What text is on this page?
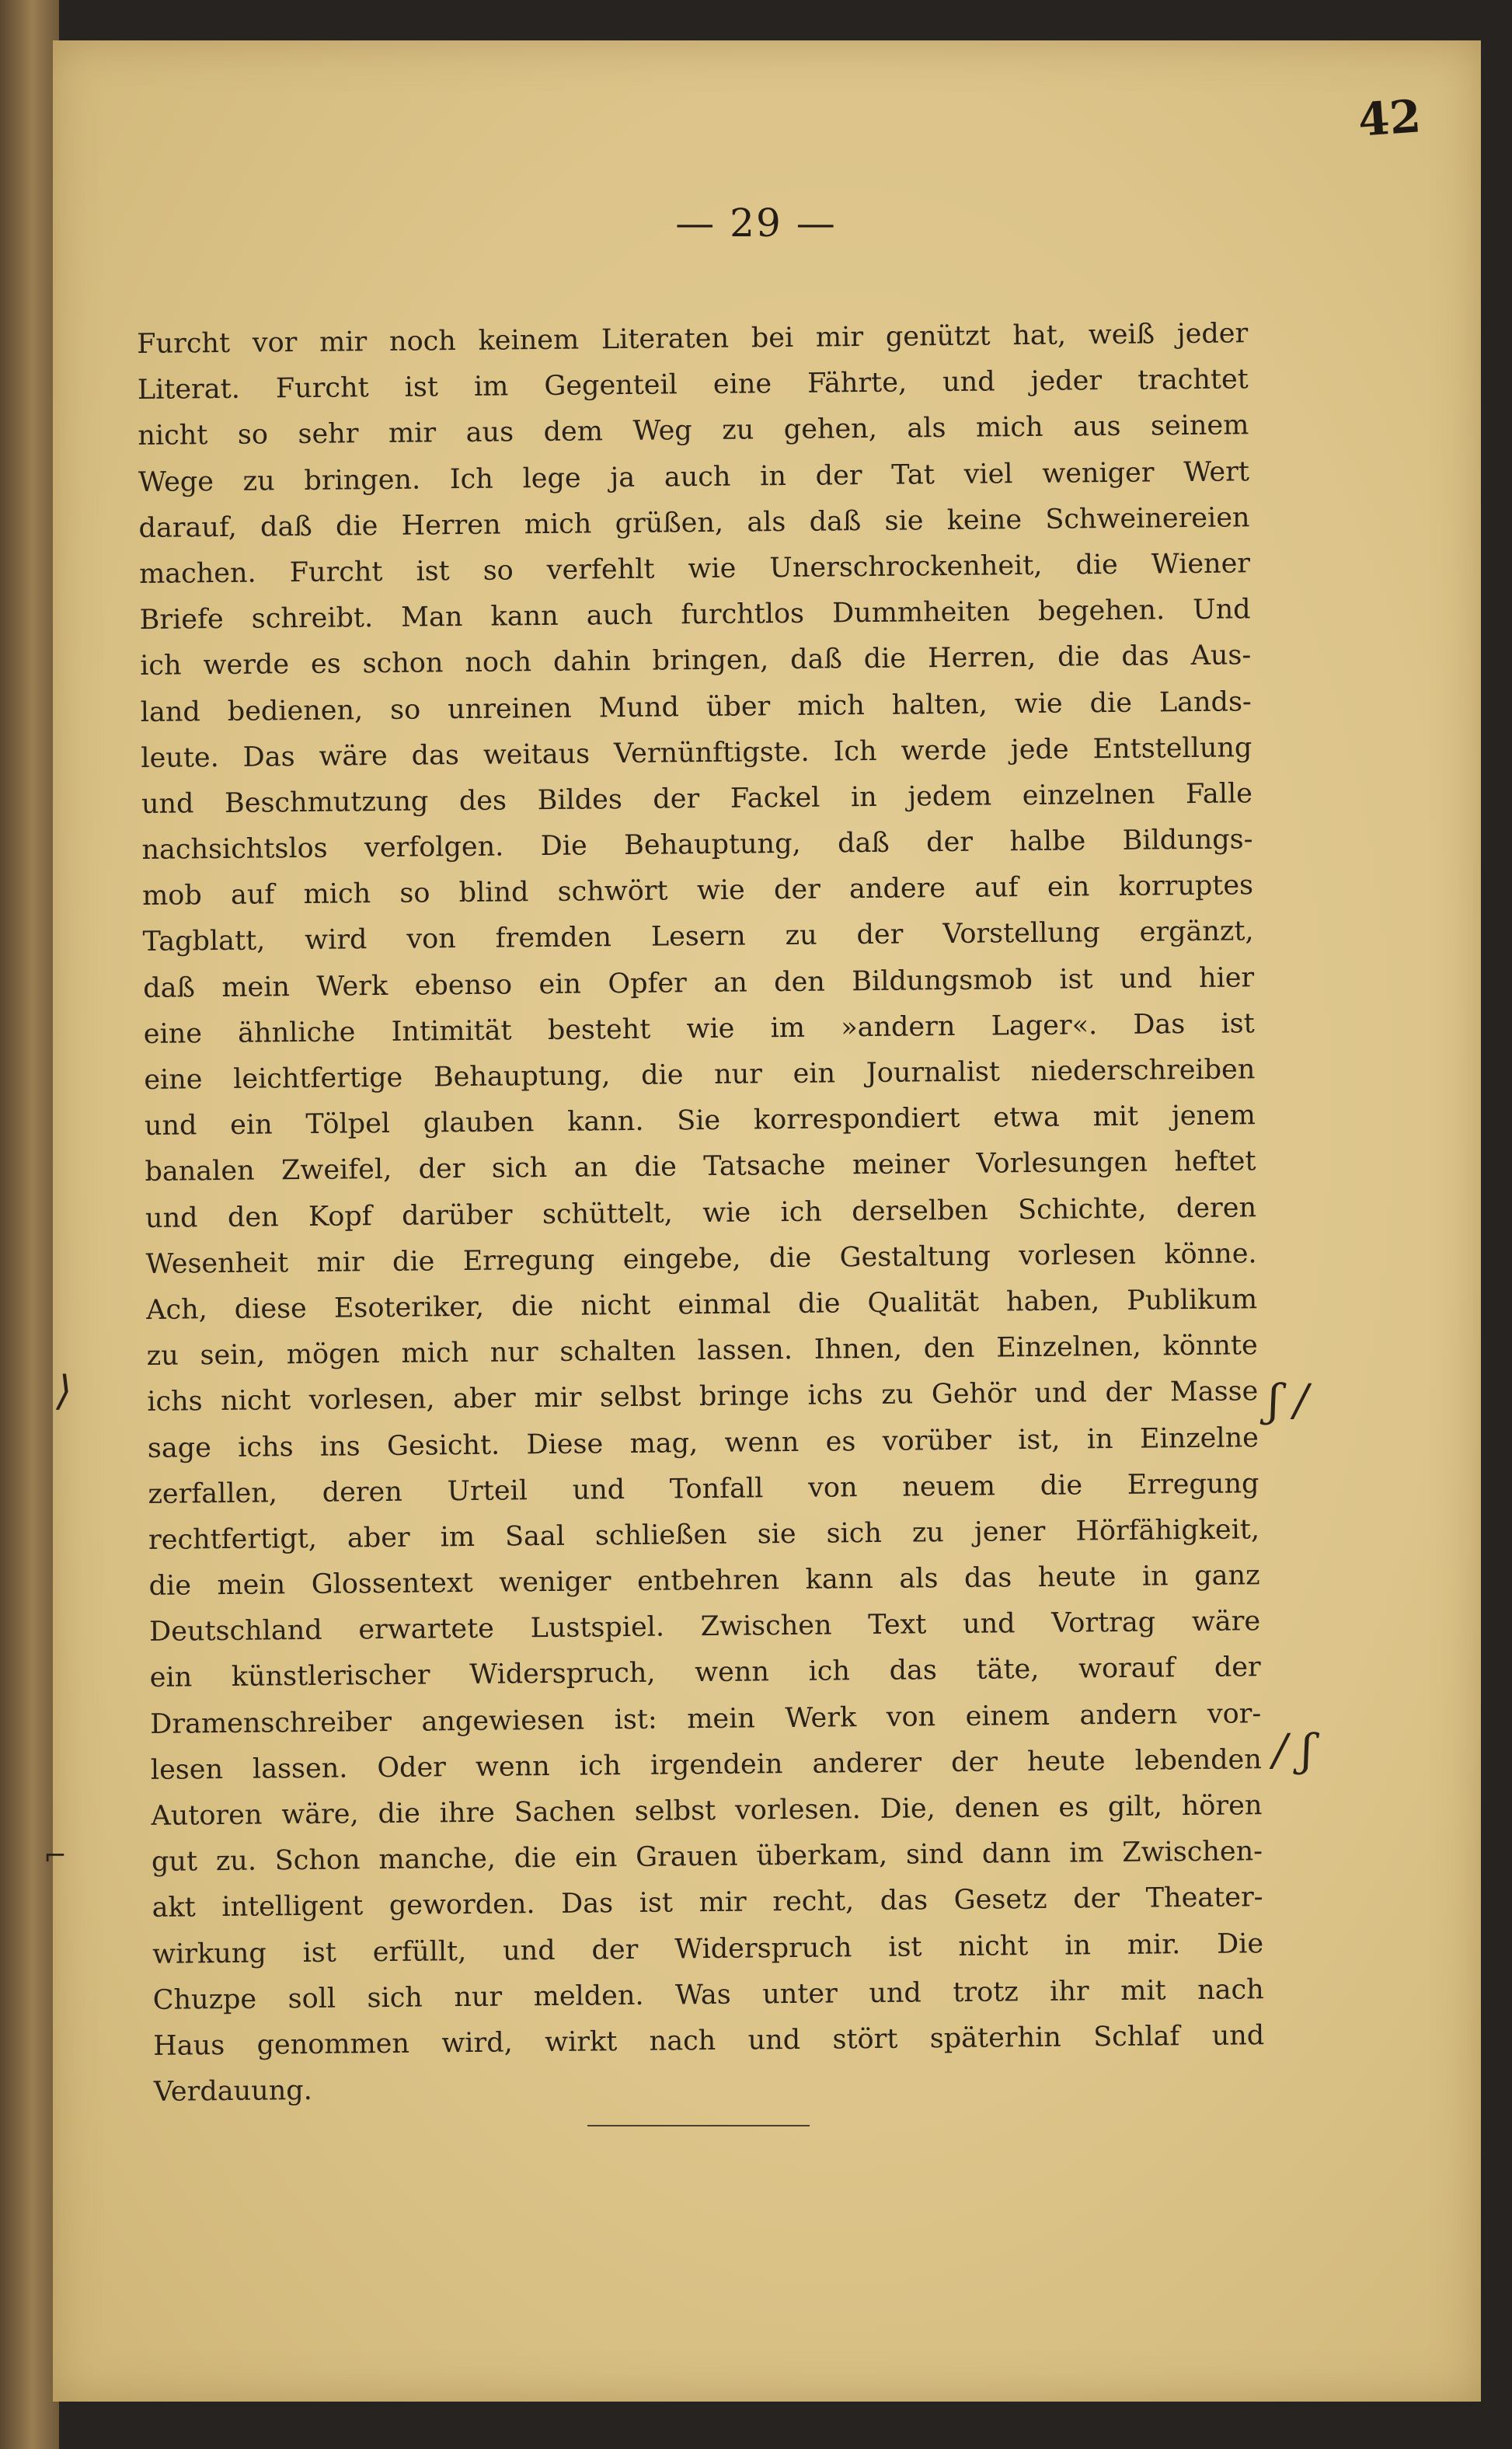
42
— 29 —
Furcht vor mir noch keinem Literaten bei mir genützt hat, weiß jeder
Literat. Furcht ist im Gegenteil eine Fährte, und jeder trachtet
nicht so sehr mir aus dem Weg zu gehen, als mich aus seinem
Wege zu bringen. Ich lege ja auch in der Tat viel weniger Wert
darauf, daß die Herren mich grüßen, als daß sie keine Schweinereien
machen. Furcht ist so verfehlt wie Unerschrockenheit, die Wiener
Briefe schreibt. Man kann auch furchtlos Dummheiten begehen. Und
ich werde es schon noch dahin bringen, daß die Herren, die das Aus-
land bedienen, so unreinen Mund über mich halten, wie die Lands-
leute. Das wäre das weitaus Vernünftigste. Ich werde jede Entstellung
und Beschmutzung des Bildes der Fackel in jedem einzelnen Falle
nachsichtslos verfolgen. Die Behauptung, daß der halbe Bildungs-
mob auf mich so blind schwört wie der andere auf ein korruptes
Tagblatt, wird von fremden Lesern zu der Vorstellung ergänzt,
daß mein Werk ebenso ein Opfer an den Bildungsmob ist und hier
eine ähnliche Intimität besteht wie im »andern Lager«. Das ist
eine leichtfertige Behauptung, die nur ein Journalist niederschreiben
und ein Tölpel glauben kann. Sie korrespondiert etwa mit jenem
banalen Zweifel, der sich an die Tatsache meiner Vorlesungen heftet
und den Kopf darüber schüttelt, wie ich derselben Schichte, deren
Wesenheit mir die Erregung eingebe, die Gestaltung vorlesen könne.
Ach, diese Esoteriker, die nicht einmal die Qualität haben, Publikum
zu sein, mögen mich nur schalten lassen. Ihnen, den Einzelnen, könnte
ichs nicht vorlesen, aber mir selbst bringe ichs zu Gehör und der Masse
sage ichs ins Gesicht. Diese mag, wenn es vorüber ist, in Einzelne
zerfallen, deren Urteil und Tonfall von neuem die Erregung
rechtfertigt, aber im Saal schließen sie sich zu jener Hörfähigkeit,
die mein Glossentext weniger entbehren kann als das heute in ganz
Deutschland erwartete Lustspiel. Zwischen Text und Vortrag wäre
ein künstlerischer Widerspruch, wenn ich das täte, worauf der
Dramenschreiber angewiesen ist: mein Werk von einem andern vor-
lesen lassen. Oder wenn ich irgendein anderer der heute lebenden
Autoren wäre, die ihre Sachen selbst vorlesen. Die, denen es gilt, hören
gut zu. Schon manche, die ein Grauen überkam, sind dann im Zwischen-
akt intelligent geworden. Das ist mir recht, das Gesetz der Theater-
wirkung ist erfüllt, und der Widerspruch ist nicht in mir. Die
Chuzpe soll sich nur melden. Was unter und trotz ihr mit nach
Haus genommen wird, wirkt nach und stört späterhin Schlaf und
Verdauung.
⟩
⌐
ʃ /
/ ʃ
